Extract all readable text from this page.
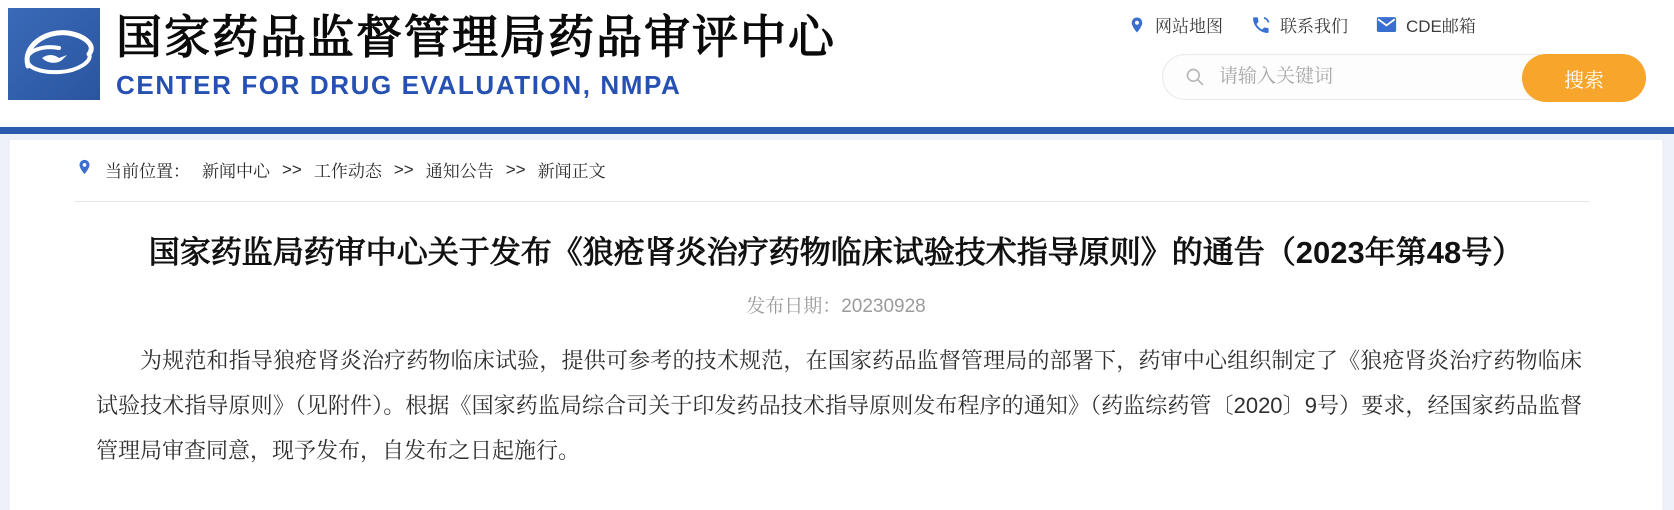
国家药品监督管理局药品审评中心
CENTER FOR DRUG EVALUATION, NMPA
网站地图	联系我们	CDE邮箱
请输入关键词
搜索
当前位置： 新闻中心 >> 工作动态 >> 通知公告 >> 新闻正文
国家药监局药审中心关于发布《狼疮肾炎治疗药物临床试验技术指导原则》的通告（2023年第48号）
发布日期：20230928

为规范和指导狼疮肾炎治疗药物临床试验，提供可参考的技术规范，在国家药品监督管理局的部署下，药审中心组织制定了《狼疮肾炎治疗药物临床试验技术指导原则》（见附件）。根据《国家药监局综合司关于印发药品技术指导原则发布程序的通知》（药监综药管〔2020〕9号）要求，经国家药品监督管理局审查同意，现予发布，自发布之日起施行。
